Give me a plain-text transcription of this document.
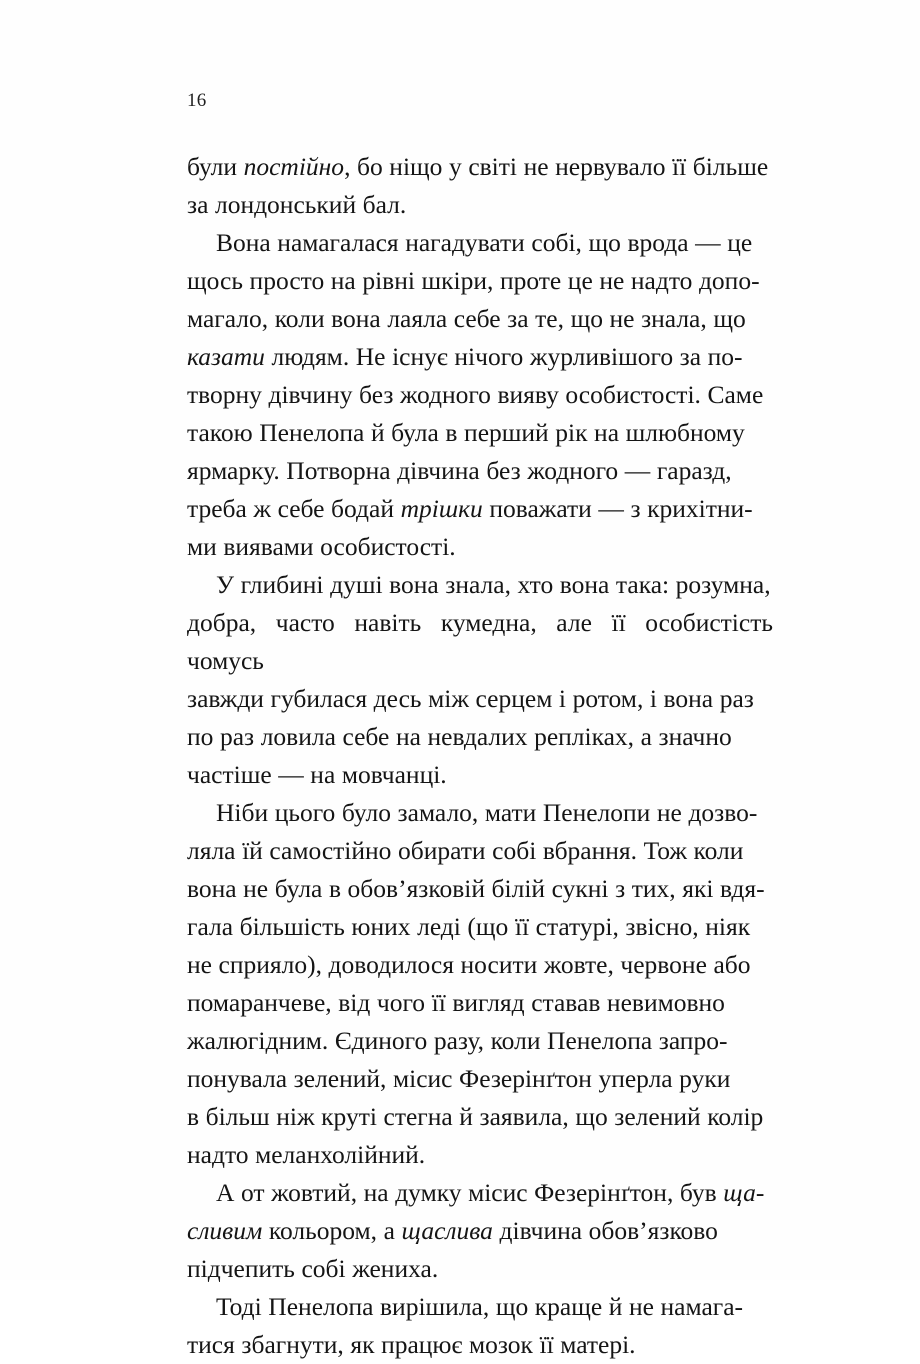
16

були постійно, бо ніщо у світі не нервувало її більше
за лондонський бал.

Вона намагалася нагадувати собі, що врода — це
щось просто на рівні шкіри, проте це не надто допо-
магало, коли вона лаяла себе за те, що не знала, що
казати людям. Не існує нічого журливішого за по-
творну дівчину без жодного вияву особистості. Саме
такою Пенелопа й була в перший рік на шлюбному
ярмарку. Потворна дівчина без жодного — гаразд,
треба ж себе бодай трішки поважати — з крихітни-
ми виявами особистості.

У глибині душі вона знала, хто вона така: розумна,
добра, часто навіть кумедна, але її особистість чомусь
завжди губилася десь між серцем і ротом, і вона раз
по раз ловила себе на невдалих репліках, а значно
частіше — на мовчанці.

Ніби цього було замало, мати Пенелопи не дозво-
ляла їй самостійно обирати собі вбрання. Тож коли
вона не була в обов’язковій білій сукні з тих, які вдя-
гала більшість юних леді (що її статурі, звісно, ніяк
не сприяло), доводилося носити жовте, червоне або
помаранчеве, від чого її вигляд ставав невимовно
жалюгідним. Єдиного разу, коли Пенелопа запро-
понувала зелений, місис Фезерінґтон уперла руки
в більш ніж круті стегна й заявила, що зелений колір
надто меланхолійний.

А от жовтий, на думку місис Фезерінґтон, був ща-
сливим кольором, а щаслива дівчина обов’язково
підчепить собі жениха.

Тоді Пенелопа вирішила, що краще й не намага-
тися збагнути, як працює мозок її матері.
